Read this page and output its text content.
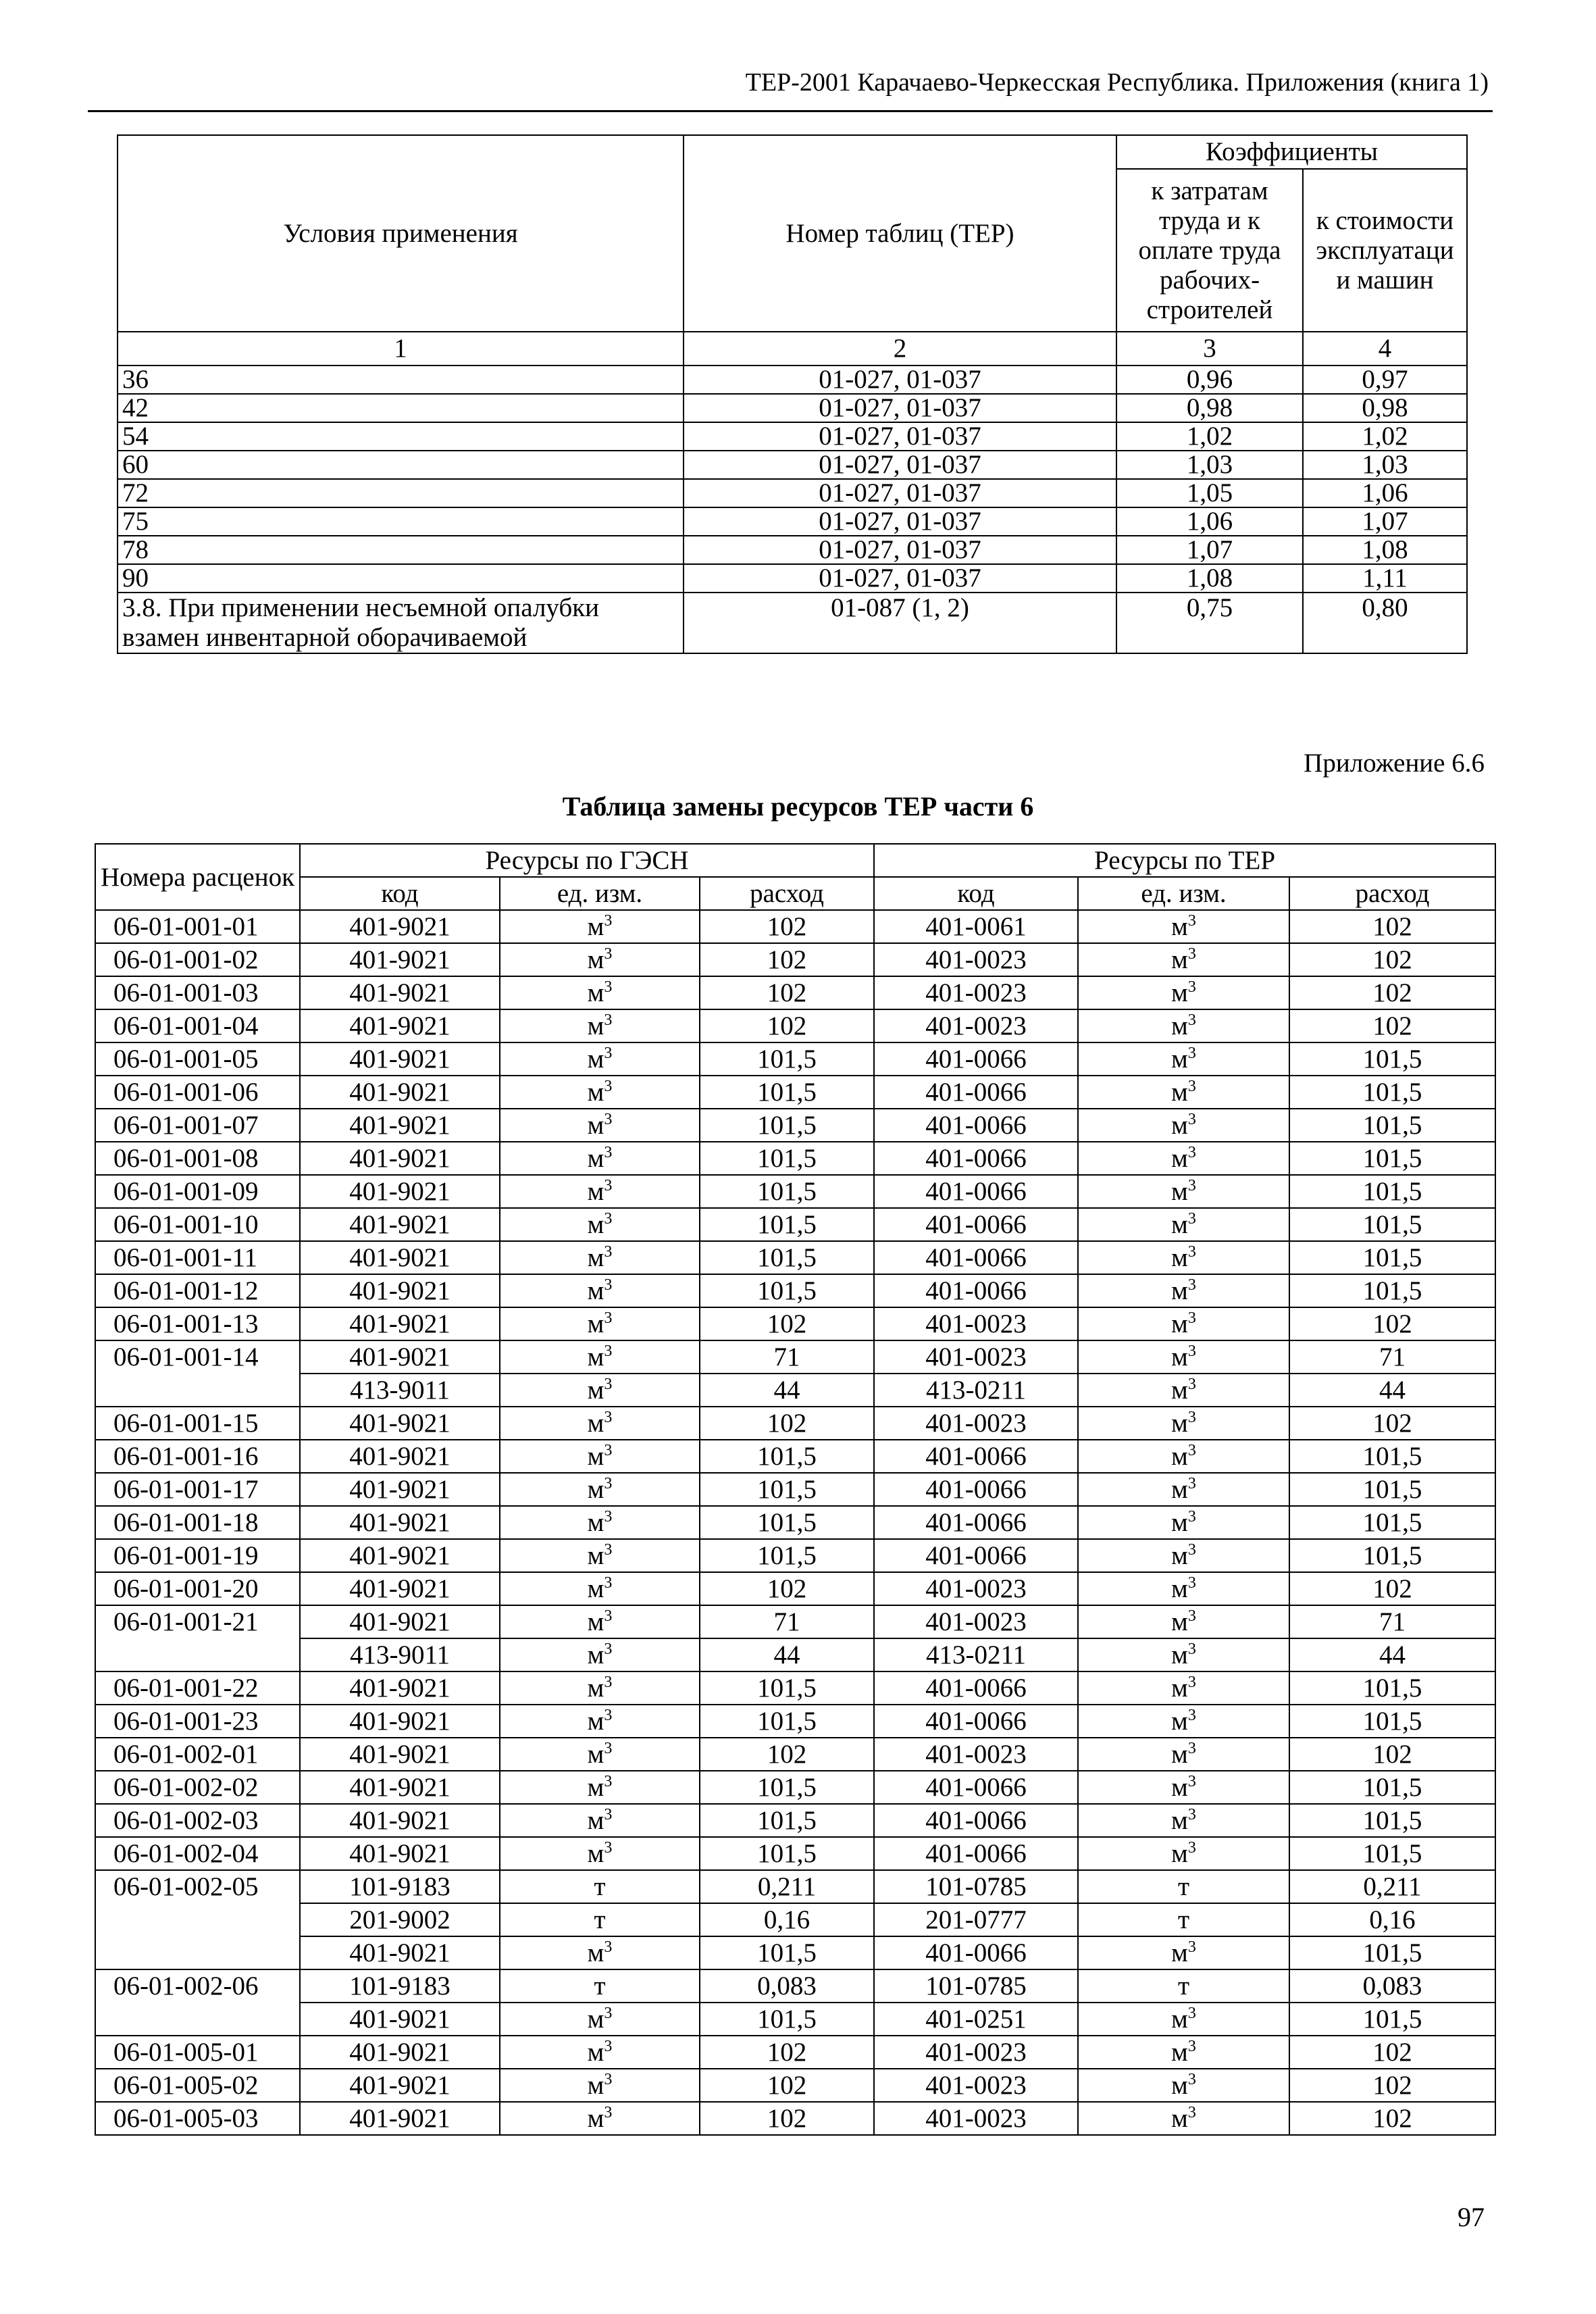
ТЕР-2001 Карачаево-Черкесская Республика. Приложения (книга 1)
Условия применения	Номер таблиц (ТЕР)	Коэффициенты	
		к затратам труда и к оплате труда рабочих-строителей	к стоимости эксплуатаци и машин
1	2	3	4
36	01-027, 01-037	0,96	0,97
42	01-027, 01-037	0,98	0,98
54	01-027, 01-037	1,02	1,02
60	01-027, 01-037	1,03	1,03
72	01-027, 01-037	1,05	1,06
75	01-027, 01-037	1,06	1,07
78	01-027, 01-037	1,07	1,08
90	01-027, 01-037	1,08	1,11

3.8. При применении несъемной опалубки
взамен инвентарной оборачиваемой	01-087 (1, 2)	0,75	0,80
Приложение 6.6
Таблица замены ресурсов ТЕР части 6
Номера расценок	Ресурсы по ГЭСН			Ресурсы по ТЕР		
	код	ед. изм.	расход	код	ед. изм.	расход
06-01-001-01	401-9021	$м^3$	102	401-0061	$м^3$	102
06-01-001-02	401-9021	$м^3$	102	401-0023	$м^3$	102
06-01-001-03	401-9021	$м^3$	102	401-0023	$м^3$	102
06-01-001-04	401-9021	$м^3$	102	401-0023	$м^3$	102
06-01-001-05	401-9021	$м^3$	101,5	401-0066	$м^3$	101,5
06-01-001-06	401-9021	$м^3$	101,5	401-0066	$м^3$	101,5
06-01-001-07	401-9021	$м^3$	101,5	401-0066	$м^3$	101,5
06-01-001-08	401-9021	$м^3$	101,5	401-0066	$м^3$	101,5
06-01-001-09	401-9021	$м^3$	101,5	401-0066	$м^3$	101,5
06-01-001-10	401-9021	$м^3$	101,5	401-0066	$м^3$	101,5
06-01-001-11	401-9021	$м^3$	101,5	401-0066	$м^3$	101,5
06-01-001-12	401-9021	$м^3$	101,5	401-0066	$м^3$	101,5
06-01-001-13	401-9021	$м^3$	102	401-0023	$м^3$	102
06-01-001-14	401-9021	$м^3$	71	401-0023	$м^3$	71
	413-9011	$м^3$	44	413-0211	$м^3$	44
06-01-001-15	401-9021	$м^3$	102	401-0023	$м^3$	102
06-01-001-16	401-9021	$м^3$	101,5	401-0066	$м^3$	101,5
06-01-001-17	401-9021	$м^3$	101,5	401-0066	$м^3$	101,5
06-01-001-18	401-9021	$м^3$	101,5	401-0066	$м^3$	101,5
06-01-001-19	401-9021	$м^3$	101,5	401-0066	$м^3$	101,5
06-01-001-20	401-9021	$м^3$	102	401-0023	$м^3$	102
06-01-001-21	401-9021	$м^3$	71	401-0023	$м^3$	71
	413-9011	$м^3$	44	413-0211	$м^3$	44
06-01-001-22	401-9021	$м^3$	101,5	401-0066	$м^3$	101,5
06-01-001-23	401-9021	$м^3$	101,5	401-0066	$м^3$	101,5
06-01-002-01	401-9021	$м^3$	102	401-0023	$м^3$	102
06-01-002-02	401-9021	$м^3$	101,5	401-0066	$м^3$	101,5
06-01-002-03	401-9021	$м^3$	101,5	401-0066	$м^3$	101,5
06-01-002-04	401-9021	$м^3$	101,5	401-0066	$м^3$	101,5
06-01-002-05	101-9183	т	0,211	101-0785	т	0,211
	201-9002	т	0,16	201-0777	т	0,16
	401-9021	$м^3$	101,5	401-0066	$м^3$	101,5
06-01-002-06	101-9183	т	0,083	101-0785	т	0,083
	401-9021	$м^3$	101,5	401-0251	$м^3$	101,5
06-01-005-01	401-9021	$м^3$	102	401-0023	$м^3$	102
06-01-005-02	401-9021	$м^3$	102	401-0023	$м^3$	102
06-01-005-03	401-9021	$м^3$	102	401-0023	$м^3$	102
97
